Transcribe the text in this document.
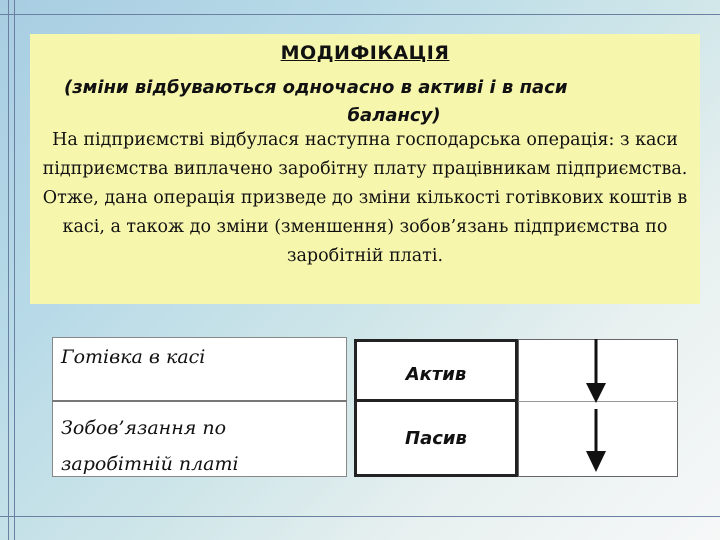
МОДИФІКАЦІЯ
(зміни відбуваються одночасно в активі і в паси
балансу)
На підприємстві відбулася наступна господарська операція: з каси підприємства виплачено заробітну плату працівникам підприємства. Отже, дана операція призведе до зміни кількості готівкових коштів в касі, а також до зміни (зменшення) зобов’язань підприємства по заробітній платі.
Готівка в касі
Зобов’язання по заробітній платі
Актив
Пасив
